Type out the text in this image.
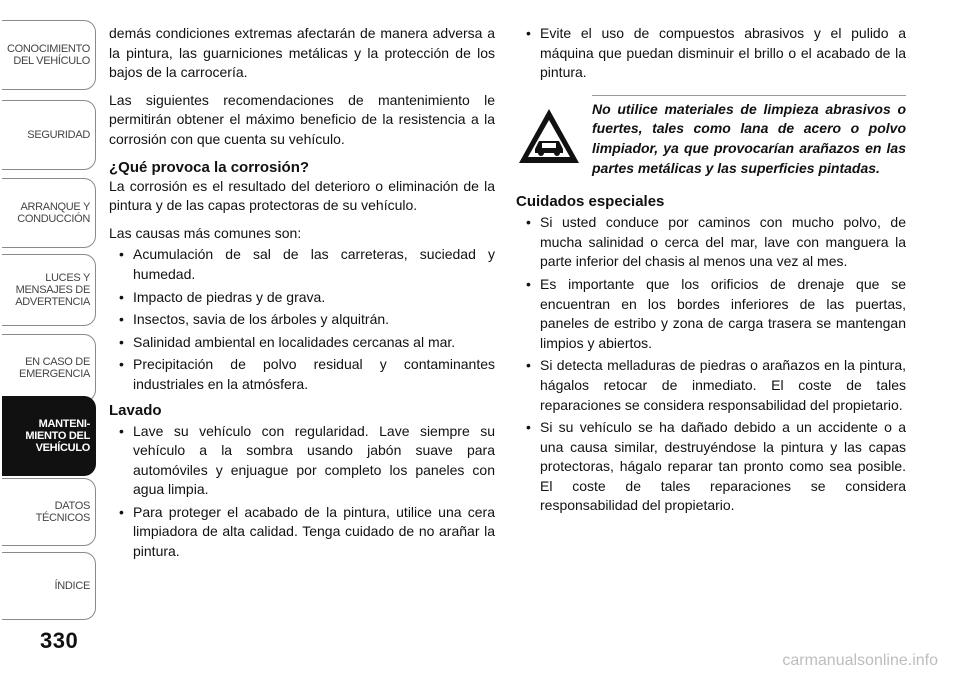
CONOCIMIENTO
DEL VEHÍCULO
SEGURIDAD
ARRANQUE Y
CONDUCCIÓN
LUCES Y
MENSAJES DE
ADVERTENCIA
EN CASO DE
EMERGENCIA
MANTENI-
MIENTO DEL
VEHÍCULO
DATOS
TÉCNICOS
ÍNDICE
330

demás condiciones extremas afectarán de manera adversa a la pintura, las guarniciones metálicas y la protección de los bajos de la carrocería.

Las siguientes recomendaciones de mantenimiento le permitirán obtener el máximo beneficio de la resistencia a la corrosión con que cuenta su vehículo.

¿Qué provoca la corrosión?

La corrosión es el resultado del deterioro o eliminación de la pintura y de las capas protectoras de su vehículo.

Las causas más comunes son:

• Acumulación de sal de las carreteras, suciedad y humedad.
• Impacto de piedras y de grava.
• Insectos, savia de los árboles y alquitrán.
• Salinidad ambiental en localidades cercanas al mar.
• Precipitación de polvo residual y contaminantes industriales en la atmósfera.
Lavado
• Lave su vehículo con regularidad. Lave siempre su vehículo a la sombra usando jabón suave para automóviles y enjuague por completo los paneles con agua limpia.
• Para proteger el acabado de la pintura, utilice una cera limpiadora de alta calidad. Tenga cuidado de no arañar la pintura.
• Evite el uso de compuestos abrasivos y el pulido a máquina que puedan disminuir el brillo o el acabado de la pintura.
No utilice materiales de limpieza abrasivos o fuertes, tales como lana de acero o polvo limpiador, ya que provocarían arañazos en las partes metálicas y las superficies pintadas.
Cuidados especiales
• Si usted conduce por caminos con mucho polvo, de mucha salinidad o cerca del mar, lave con manguera la parte inferior del chasis al menos una vez al mes.
• Es importante que los orificios de drenaje que se encuentran en los bordes inferiores de las puertas, paneles de estribo y zona de carga trasera se mantengan limpios y abiertos.
• Si detecta melladuras de piedras o arañazos en la pintura, hágalos retocar de inmediato. El coste de tales reparaciones se considera responsabilidad del propietario.
• Si su vehículo se ha dañado debido a un accidente o a una causa similar, destruyéndose la pintura y las capas protectoras, hágalo reparar tan pronto como sea posible. El coste de tales reparaciones se considera responsabilidad del propietario.
carmanualsonline.info
